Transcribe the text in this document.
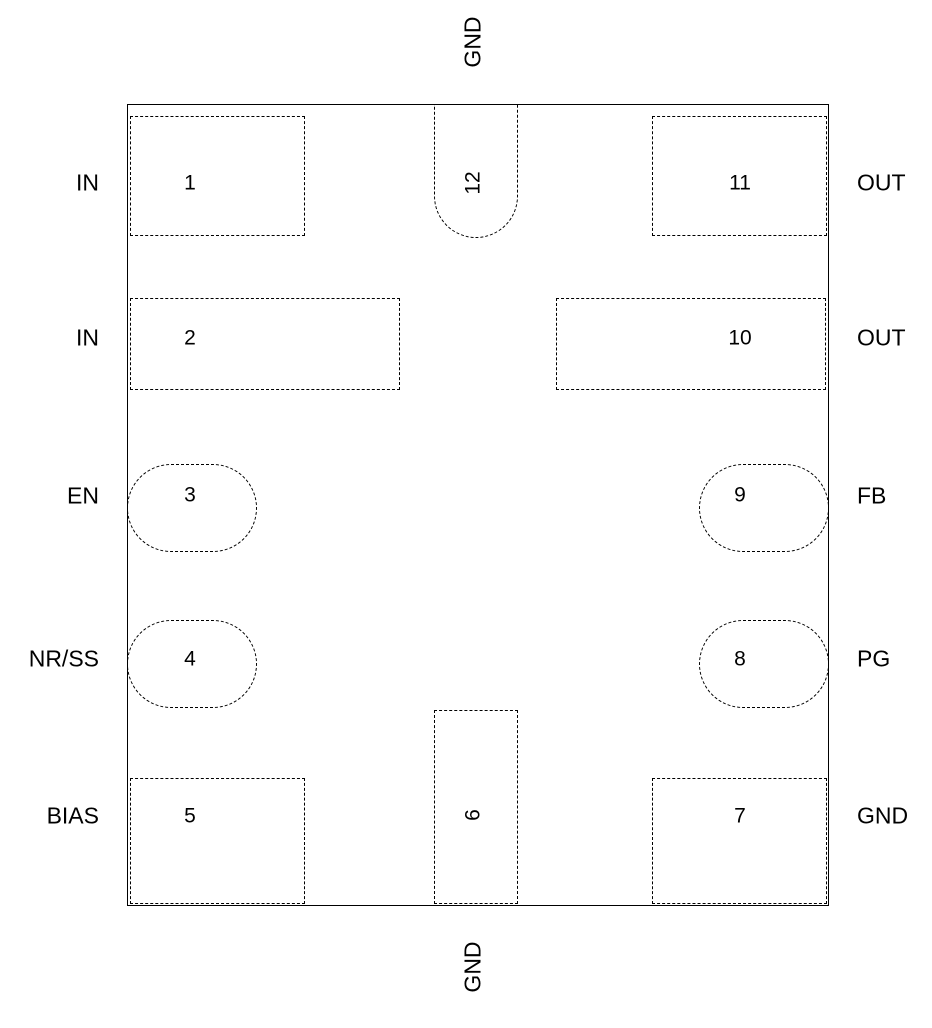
1
2
3
4
5	6	7
8
9
10
11
12
GND
IN
IN
EN
NR/SS
BIAS
OUT
OUT
FB
PG
GND
GND
